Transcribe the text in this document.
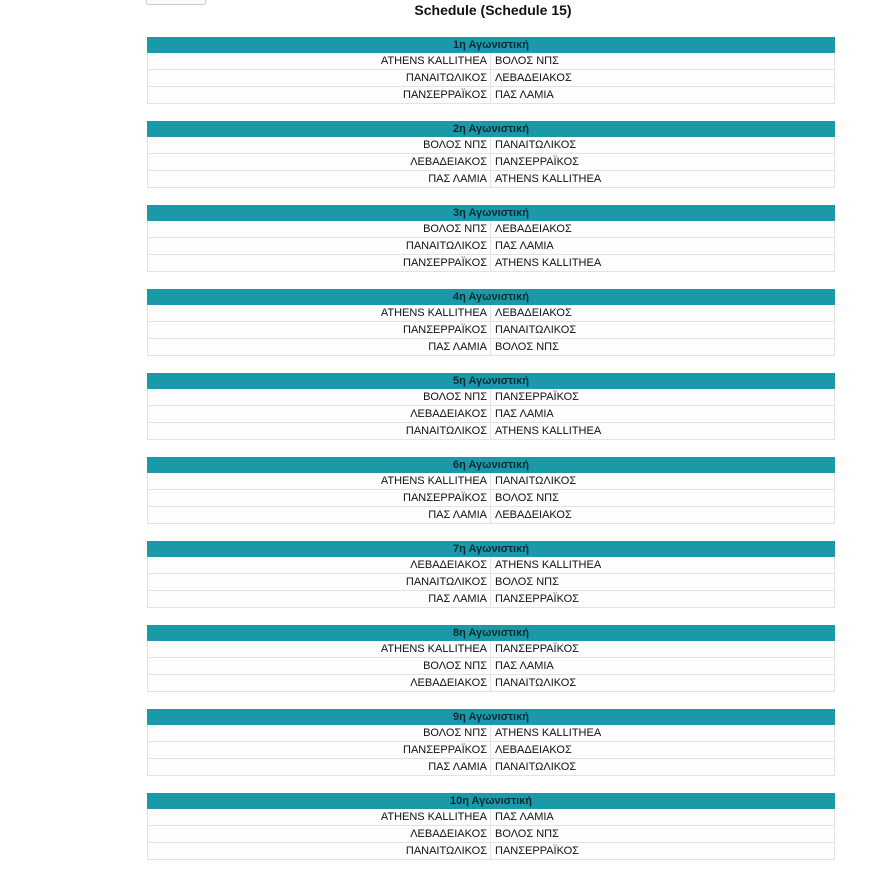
Schedule (Schedule 15)
1η Αγωνιστική
ATHENS KALLITHEA ΒΟΛΟΣ ΝΠΣ
ΠΑΝΑΙΤΩΛΙΚΟΣ ΛΕΒΑΔΕΙΑΚΟΣ
ΠΑΝΣΕΡΡΑΪΚΟΣ ΠΑΣ ΛΑΜΙΑ
2η Αγωνιστική
ΒΟΛΟΣ ΝΠΣ ΠΑΝΑΙΤΩΛΙΚΟΣ
ΛΕΒΑΔΕΙΑΚΟΣ ΠΑΝΣΕΡΡΑΪΚΟΣ
ΠΑΣ ΛΑΜΙΑ ATHENS KALLITHEA
3η Αγωνιστική
ΒΟΛΟΣ ΝΠΣ ΛΕΒΑΔΕΙΑΚΟΣ
ΠΑΝΑΙΤΩΛΙΚΟΣ ΠΑΣ ΛΑΜΙΑ
ΠΑΝΣΕΡΡΑΪΚΟΣ ATHENS KALLITHEA
4η Αγωνιστική
ATHENS KALLITHEA ΛΕΒΑΔΕΙΑΚΟΣ
ΠΑΝΣΕΡΡΑΪΚΟΣ ΠΑΝΑΙΤΩΛΙΚΟΣ
ΠΑΣ ΛΑΜΙΑ ΒΟΛΟΣ ΝΠΣ
5η Αγωνιστική
ΒΟΛΟΣ ΝΠΣ ΠΑΝΣΕΡΡΑΪΚΟΣ
ΛΕΒΑΔΕΙΑΚΟΣ ΠΑΣ ΛΑΜΙΑ
ΠΑΝΑΙΤΩΛΙΚΟΣ ATHENS KALLITHEA
6η Αγωνιστική
ATHENS KALLITHEA ΠΑΝΑΙΤΩΛΙΚΟΣ
ΠΑΝΣΕΡΡΑΪΚΟΣ ΒΟΛΟΣ ΝΠΣ
ΠΑΣ ΛΑΜΙΑ ΛΕΒΑΔΕΙΑΚΟΣ
7η Αγωνιστική
ΛΕΒΑΔΕΙΑΚΟΣ ATHENS KALLITHEA
ΠΑΝΑΙΤΩΛΙΚΟΣ ΒΟΛΟΣ ΝΠΣ
ΠΑΣ ΛΑΜΙΑ ΠΑΝΣΕΡΡΑΪΚΟΣ
8η Αγωνιστική
ATHENS KALLITHEA ΠΑΝΣΕΡΡΑΪΚΟΣ
ΒΟΛΟΣ ΝΠΣ ΠΑΣ ΛΑΜΙΑ
ΛΕΒΑΔΕΙΑΚΟΣ ΠΑΝΑΙΤΩΛΙΚΟΣ
9η Αγωνιστική
ΒΟΛΟΣ ΝΠΣ ATHENS KALLITHEA
ΠΑΝΣΕΡΡΑΪΚΟΣ ΛΕΒΑΔΕΙΑΚΟΣ
ΠΑΣ ΛΑΜΙΑ ΠΑΝΑΙΤΩΛΙΚΟΣ
10η Αγωνιστική
ATHENS KALLITHEA ΠΑΣ ΛΑΜΙΑ
ΛΕΒΑΔΕΙΑΚΟΣ ΒΟΛΟΣ ΝΠΣ
ΠΑΝΑΙΤΩΛΙΚΟΣ ΠΑΝΣΕΡΡΑΪΚΟΣ
